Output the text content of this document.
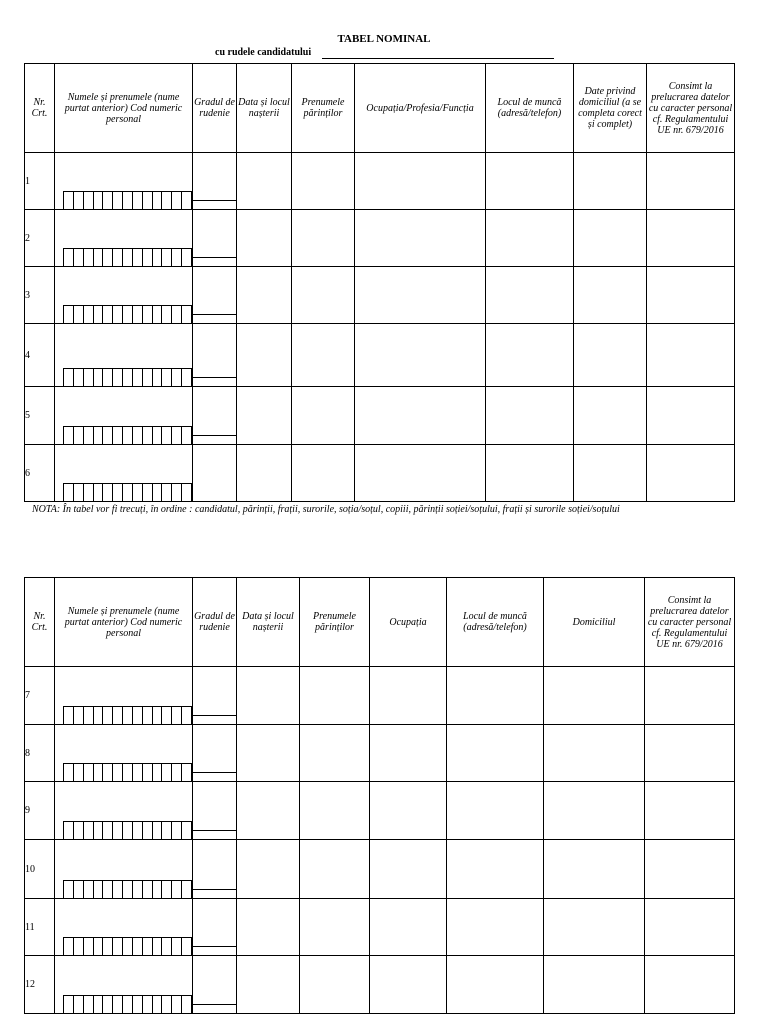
TABEL NOMINAL
cu rudele candidatului
Nr. Crt.	Numele și prenumele (nume purtat anterior) Cod numeric personal	Gradul de rudenie	Data și locul nașterii	Prenumele părinților	Ocupația/Profesia/Funcția	Locul de muncă (adresă/telefon)	Date privind domiciliul (a se completa corect și complet)	Consimt la prelucrarea datelor cu caracter personal cf. Regulamentului UE nr. 679/2016
1	

2	

3	

4	

5	

6	

NOTA: În tabel vor fi trecuți, în ordine : candidatul, părinții, frații, surorile, soția/soțul, copiii, părinții soției/soțului, frații și surorile soției/soțului
Nr. Crt.	Numele și prenumele (nume purtat anterior) Cod numeric personal	Gradul de rudenie	Data și locul nașterii	Prenumele părinților	Ocupația	Locul de muncă (adresă/telefon)	Domiciliul	Consimt la prelucrarea datelor cu caracter personal cf. Regulamentului UE nr. 679/2016
7	

8	

9	

10	

11	

12	
